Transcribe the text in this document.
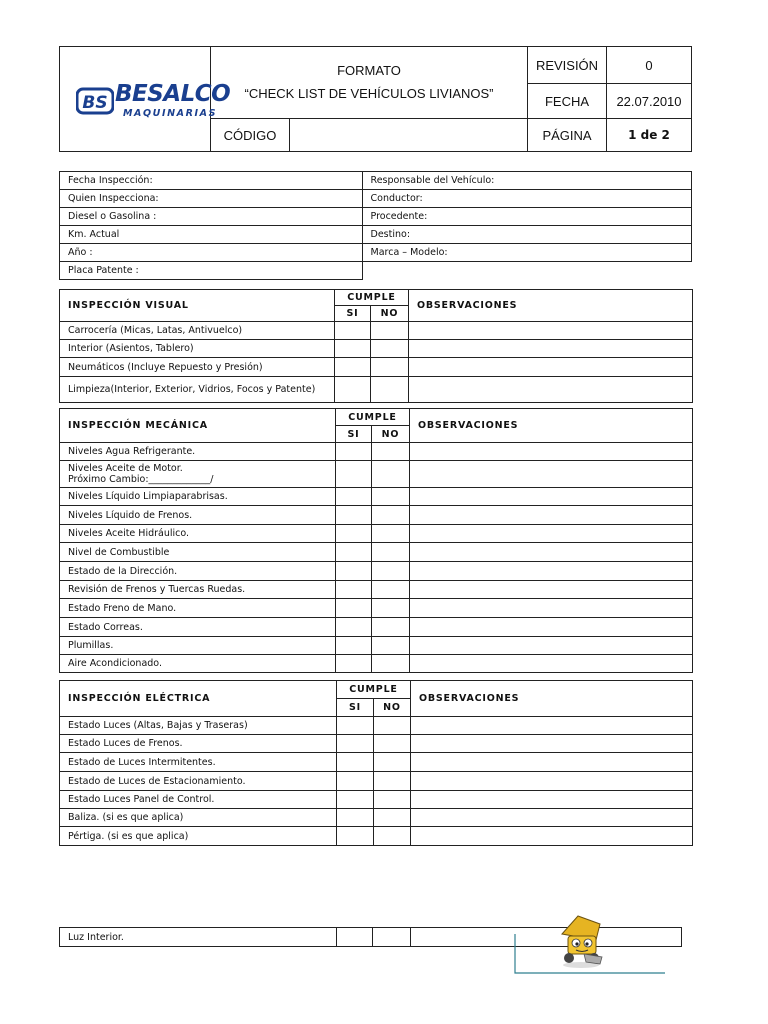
BS BESALCO
MAQUINARIAS	FORMATO		REVISIÓN	0
	“CHECK LIST DE VEHÍCULOS LIVIANOS”		FECHA	22.07.2010
	CÓDIGO		PÁGINA	1 de 2
Fecha Inspección:	Responsable del Vehículo:
Quien Inspecciona:	Conductor:
Diesel o Gasolina :	Procedente:
Km. Actual	Destino:
Año :	Marca – Modelo:
Placa Patente :	
INSPECCIÓN VISUAL	CUMPLE		OBSERVACIONES
	SI	NO	
Carrocería (Micas, Latas, Antivuelco)			
Interior (Asientos, Tablero)			
Neumáticos (Incluye Repuesto y Presión)			
Limpieza(Interior, Exterior, Vidrios, Focos y Patente)			
INSPECCIÓN MECÁNICA	CUMPLE		OBSERVACIONES
	SI	NO	
Niveles Agua Refrigerante.			

Niveles Aceite de Motor.
Próximo Cambio:_____________/			

Niveles Líquido Limpiaparabrisas.			
Niveles Líquido de Frenos.			
Niveles Aceite Hidráulico.			
Nivel de Combustible			
Estado de la Dirección.			
Revisión de Frenos y Tuercas Ruedas.			
Estado Freno de Mano.			
Estado Correas.			
Plumillas.			
Aire Acondicionado.			
INSPECCIÓN ELÉCTRICA	CUMPLE		OBSERVACIONES
	SI	NO	
Estado Luces (Altas, Bajas y Traseras)			
Estado Luces de Frenos.			
Estado de Luces Intermitentes.			
Estado de Luces de Estacionamiento.			
Estado Luces Panel de Control.			
Baliza. (si es que aplica)			
Pértiga. (si es que aplica)			
Luz Interior.			
